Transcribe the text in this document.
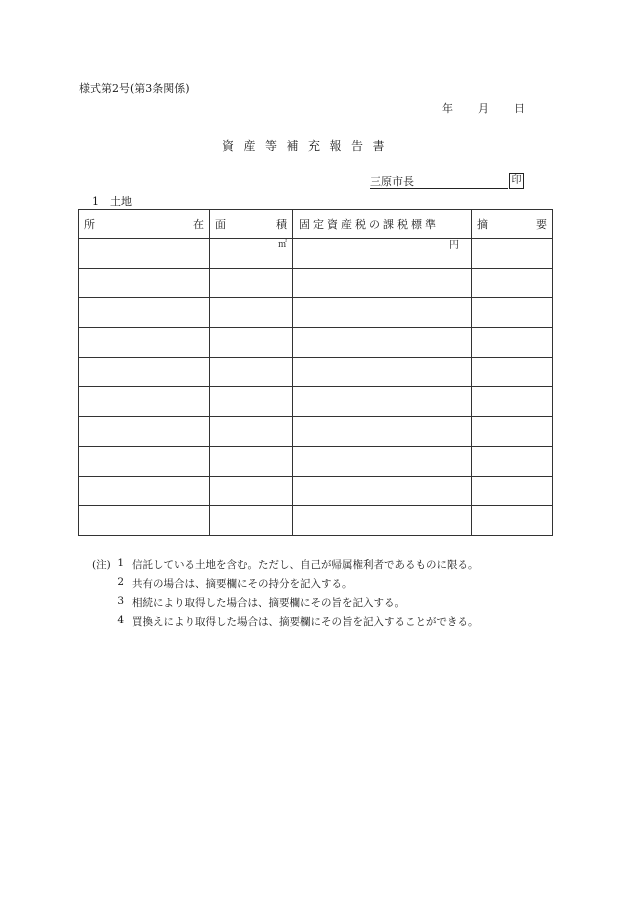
様式第2号(第3条関係)
年 月 日
資産等補充報告書
三原市長	印
1　土地
所 在	面 積	固定資産税の課税標準	摘 要

	㎡	円	

(注) 1 信託している土地を含む。ただし、自己が帰属権利者であるものに限る。
2 共有の場合は、摘要欄にその持分を記入する。
3 相続により取得した場合は、摘要欄にその旨を記入する。
4 買換えにより取得した場合は、摘要欄にその旨を記入することができる。
